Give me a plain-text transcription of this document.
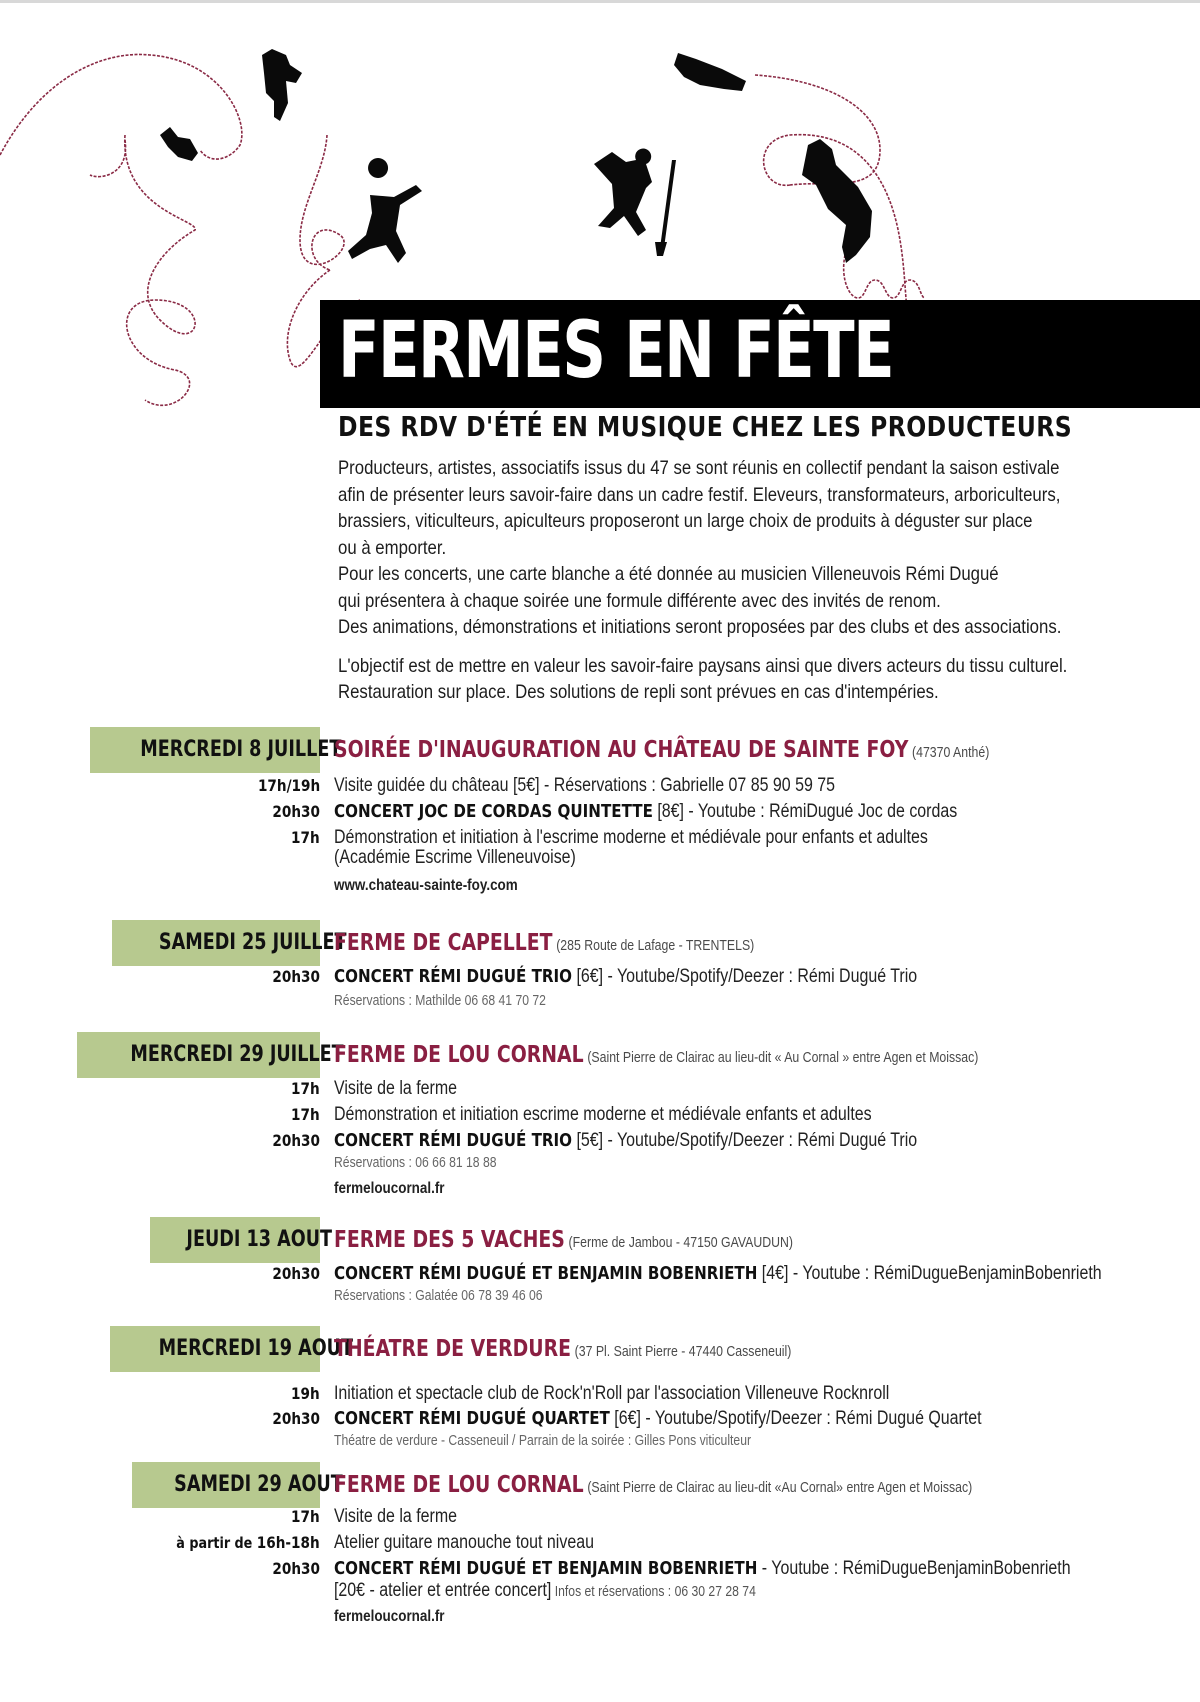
FERMES EN FÊTE
DES RDV D'ÉTÉ EN MUSIQUE CHEZ LES PRODUCTEURS

Producteurs, artistes, associatifs issus du 47 se sont réunis en collectif pendant la saison estivale

afin de présenter leurs savoir-faire dans un cadre festif. Eleveurs, transformateurs, arboriculteurs,

brassiers, viticulteurs, apiculteurs proposeront un large choix de produits à déguster sur place

ou à emporter.

Pour les concerts, une carte blanche a été donnée au musicien Villeneuvois Rémi Dugué

qui présentera à chaque soirée une formule différente avec des invités de renom.

Des animations, démonstrations et initiations seront proposées par des clubs et des associations.

L'objectif est de mettre en valeur les savoir-faire paysans ainsi que divers acteurs du tissu culturel.

Restauration sur place. Des solutions de repli sont prévues en cas d'intempéries.

MERCREDI 8 JUILLET
SOIRÉE D'INAUGURATION AU CHÂTEAU DE SAINTE FOY (47370 Anthé)
17h/19h Visite guidée du château [5€] - Réservations : Gabrielle 07 85 90 59 75
20h30 CONCERT JOC DE CORDAS QUINTETTE [8€] - Youtube : RémiDugué Joc de cordas
17h Démonstration et initiation à l'escrime moderne et médiévale pour enfants et adultes
(Académie Escrime Villeneuvoise)
www.chateau-sainte-foy.com
SAMEDI 25 JUILLET
FERME DE CAPELLET (285 Route de Lafage - TRENTELS)
20h30 CONCERT RÉMI DUGUÉ TRIO [6€] - Youtube/Spotify/Deezer : Rémi Dugué Trio
Réservations : Mathilde 06 68 41 70 72
MERCREDI 29 JUILLET
FERME DE LOU CORNAL (Saint Pierre de Clairac au lieu-dit « Au Cornal » entre Agen et Moissac)
17h Visite de la ferme
17h Démonstration et initiation escrime moderne et médiévale enfants et adultes
20h30 CONCERT RÉMI DUGUÉ TRIO [5€] - Youtube/Spotify/Deezer : Rémi Dugué Trio
Réservations : 06 66 81 18 88
fermeloucornal.fr
JEUDI 13 AOUT FERME DES 5 VACHES (Ferme de Jambou - 47150 GAVAUDUN)
20h30 CONCERT RÉMI DUGUÉ ET BENJAMIN BOBENRIETH [4€] - Youtube : RémiDugueBenjaminBobenrieth
Réservations : Galatée 06 78 39 46 06
MERCREDI 19 AOUT
THÉATRE DE VERDURE (37 Pl. Saint Pierre - 47440 Casseneuil)
19h Initiation et spectacle club de Rock'n'Roll par l'association Villeneuve Rocknroll
20h30 CONCERT RÉMI DUGUÉ QUARTET [6€] - Youtube/Spotify/Deezer : Rémi Dugué Quartet
Théatre de verdure - Casseneuil / Parrain de la soirée : Gilles Pons viticulteur
SAMEDI 29 AOUT
FERME DE LOU CORNAL (Saint Pierre de Clairac au lieu-dit «Au Cornal» entre Agen et Moissac)
17h Visite de la ferme
à partir de 16h-18h Atelier guitare manouche tout niveau
20h30 CONCERT RÉMI DUGUÉ ET BENJAMIN BOBENRIETH - Youtube : RémiDugueBenjaminBobenrieth
[20€ - atelier et entrée concert] Infos et réservations : 06 30 27 28 74
fermeloucornal.fr
